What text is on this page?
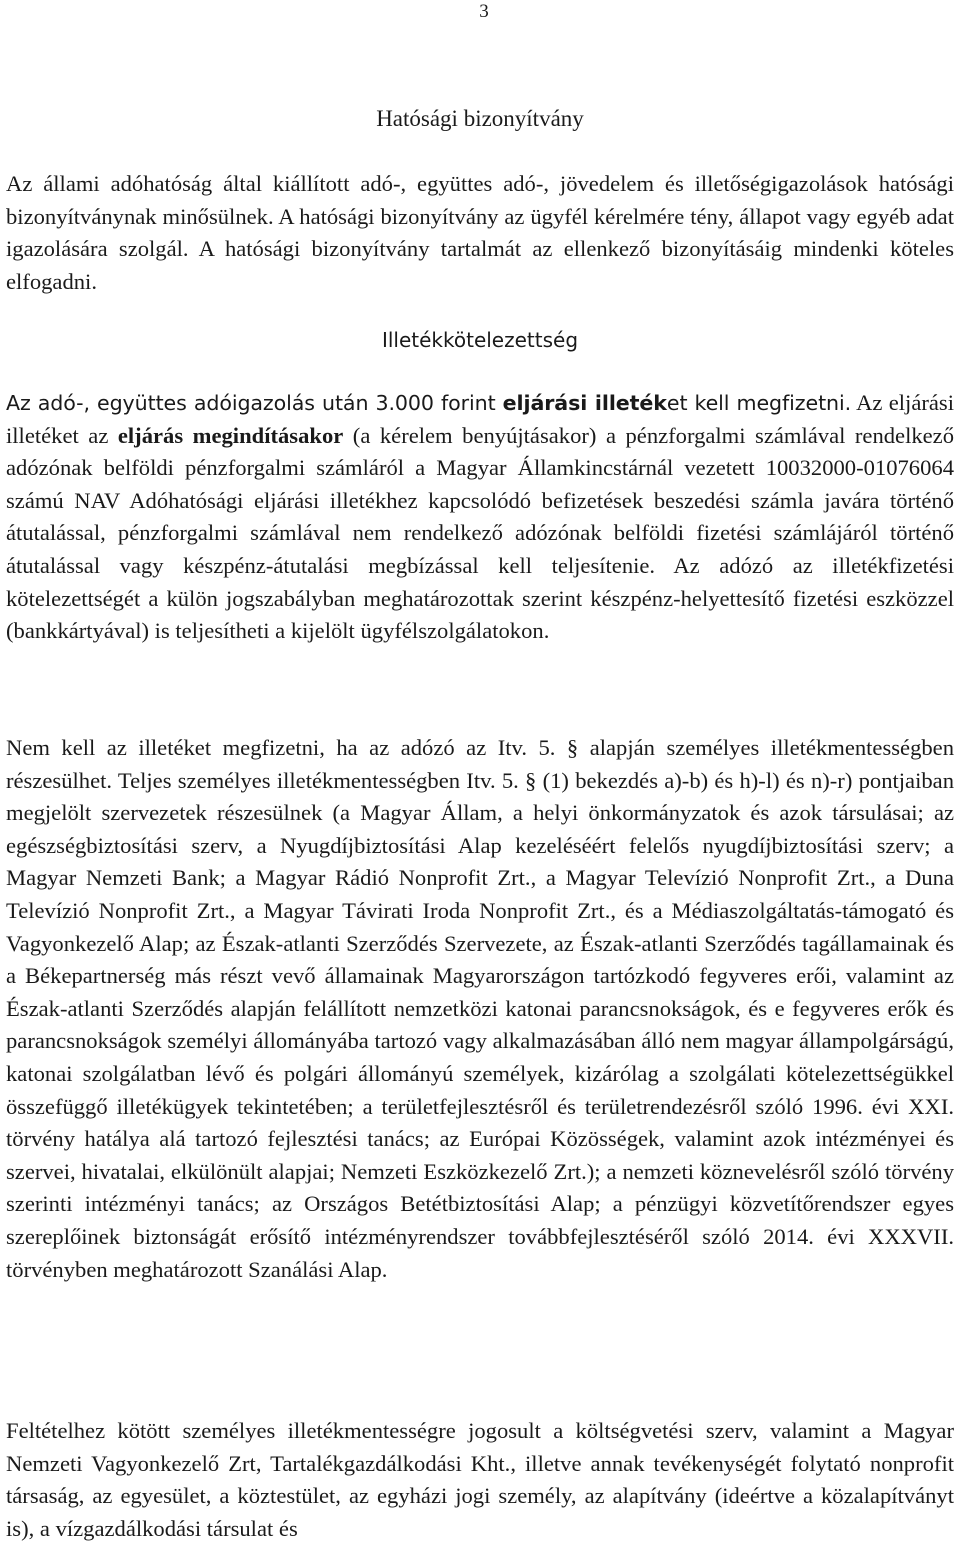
3
Hatósági bizonyítvány

Az állami adóhatóság által kiállított adó-, együttes adó-, jövedelem és illetőségigazolások hatósági bizonyítványnak minősülnek. A hatósági bizonyítvány az ügyfél kérelmére tény, állapot vagy egyéb adat igazolására szolgál. A hatósági bizonyítvány tartalmát az ellenkező bizonyításáig mindenki köteles elfogadni.

Illetékkötelezettség

Az adó-, együttes adóigazolás után 3.000 forint eljárási illetéket kell megfizetni. Az eljárási illetéket az eljárás megindításakor (a kérelem benyújtásakor) a pénzforgalmi számlával rendelkező adózónak belföldi pénzforgalmi számláról a Magyar Államkincstárnál vezetett 10032000-01076064 számú NAV Adóhatósági eljárási illetékhez kapcsolódó befizetések beszedési számla javára történő átutalással, pénzforgalmi számlával nem rendelkező adózónak belföldi fizetési számlájáról történő átutalással vagy készpénz-átutalási megbízással kell teljesítenie. Az adózó az illetékfizetési kötelezettségét a külön jogszabályban meghatározottak szerint készpénz-helyettesítő fizetési eszközzel (bankkártyával) is teljesítheti a kijelölt ügyfélszolgálatokon.

Nem kell az illetéket megfizetni, ha az adózó az Itv. 5. § alapján személyes illetékmentességben részesülhet. Teljes személyes illetékmentességben Itv. 5. § (1) bekezdés a)-b) és h)-l) és n)-r) pontjaiban megjelölt szervezetek részesülnek (a Magyar Állam, a helyi önkormányzatok és azok társulásai; az egészségbiztosítási szerv, a Nyugdíjbiztosítási Alap kezeléséért felelős nyugdíjbiztosítási szerv; a Magyar Nemzeti Bank; a Magyar Rádió Nonprofit Zrt., a Magyar Televízió Nonprofit Zrt., a Duna Televízió Nonprofit Zrt., a Magyar Távirati Iroda Nonprofit Zrt., és a Médiaszolgáltatás-támogató és Vagyonkezelő Alap; az Észak-atlanti Szerződés Szervezete, az Észak-atlanti Szerződés tagállamainak és a Békepartnerség más részt vevő államainak Magyarországon tartózkodó fegyveres erői, valamint az Észak-atlanti Szerződés alapján felállított nemzetközi katonai parancsnokságok, és e fegyveres erők és parancsnokságok személyi állományába tartozó vagy alkalmazásában álló nem magyar állampolgárságú, katonai szolgálatban lévő és polgári állományú személyek, kizárólag a szolgálati kötelezettségükkel összefüggő illetékügyek tekintetében; a területfejlesztésről és területrendezésről szóló 1996. évi XXI. törvény hatálya alá tartozó fejlesztési tanács; az Európai Közösségek, valamint azok intézményei és szervei, hivatalai, elkülönült alapjai; Nemzeti Eszközkezelő Zrt.); a nemzeti köznevelésről szóló törvény szerinti intézményi tanács; az Országos Betétbiztosítási Alap; a pénzügyi közvetítőrendszer egyes szereplőinek biztonságát erősítő intézményrendszer továbbfejlesztéséről szóló 2014. évi XXXVII. törvényben meghatározott Szanálási Alap.

Feltételhez kötött személyes illetékmentességre jogosult a költségvetési szerv, valamint a Magyar Nemzeti Vagyonkezelő Zrt, Tartalékgazdálkodási Kht., illetve annak tevékenységét folytató nonprofit társaság, az egyesület, a köztestület, az egyházi jogi személy, az alapítvány (ideértve a közalapítványt is), a vízgazdálkodási társulat és
